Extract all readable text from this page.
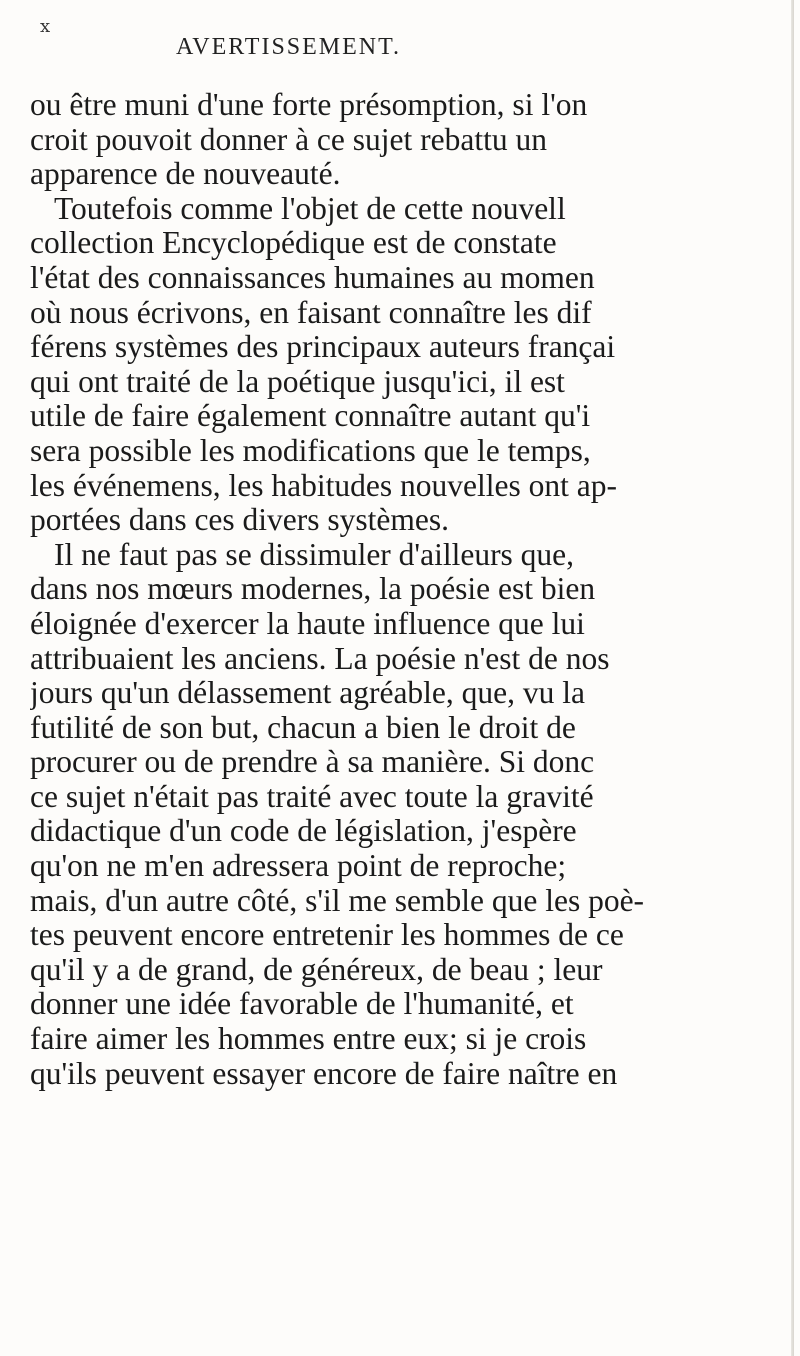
x
AVERTISSEMENT.
ou être muni d'une forte présomption, si l'on
croit pouvoit donner à ce sujet rebattu un
apparence de nouveauté.
Toutefois comme l'objet de cette nouvell
collection Encyclopédique est de constate
l'état des connaissances humaines au momen
où nous écrivons, en faisant connaître les dif
férens systèmes des principaux auteurs françai
qui ont traité de la poétique jusqu'ici, il est
utile de faire également connaître autant qu'i
sera possible les modifications que le temps,
les événemens, les habitudes nouvelles ont ap-
portées dans ces divers systèmes.
Il ne faut pas se dissimuler d'ailleurs que,
dans nos mœurs modernes, la poésie est bien
éloignée d'exercer la haute influence que lui
attribuaient les anciens. La poésie n'est de nos
jours qu'un délassement agréable, que, vu la
futilité de son but, chacun a bien le droit de
procurer ou de prendre à sa manière. Si donc
ce sujet n'était pas traité avec toute la gravité
didactique d'un code de législation, j'espère
qu'on ne m'en adressera point de reproche;
mais, d'un autre côté, s'il me semble que les poè-
tes peuvent encore entretenir les hommes de ce
qu'il y a de grand, de généreux, de beau ; leur
donner une idée favorable de l'humanité, et
faire aimer les hommes entre eux; si je crois
qu'ils peuvent essayer encore de faire naître en
